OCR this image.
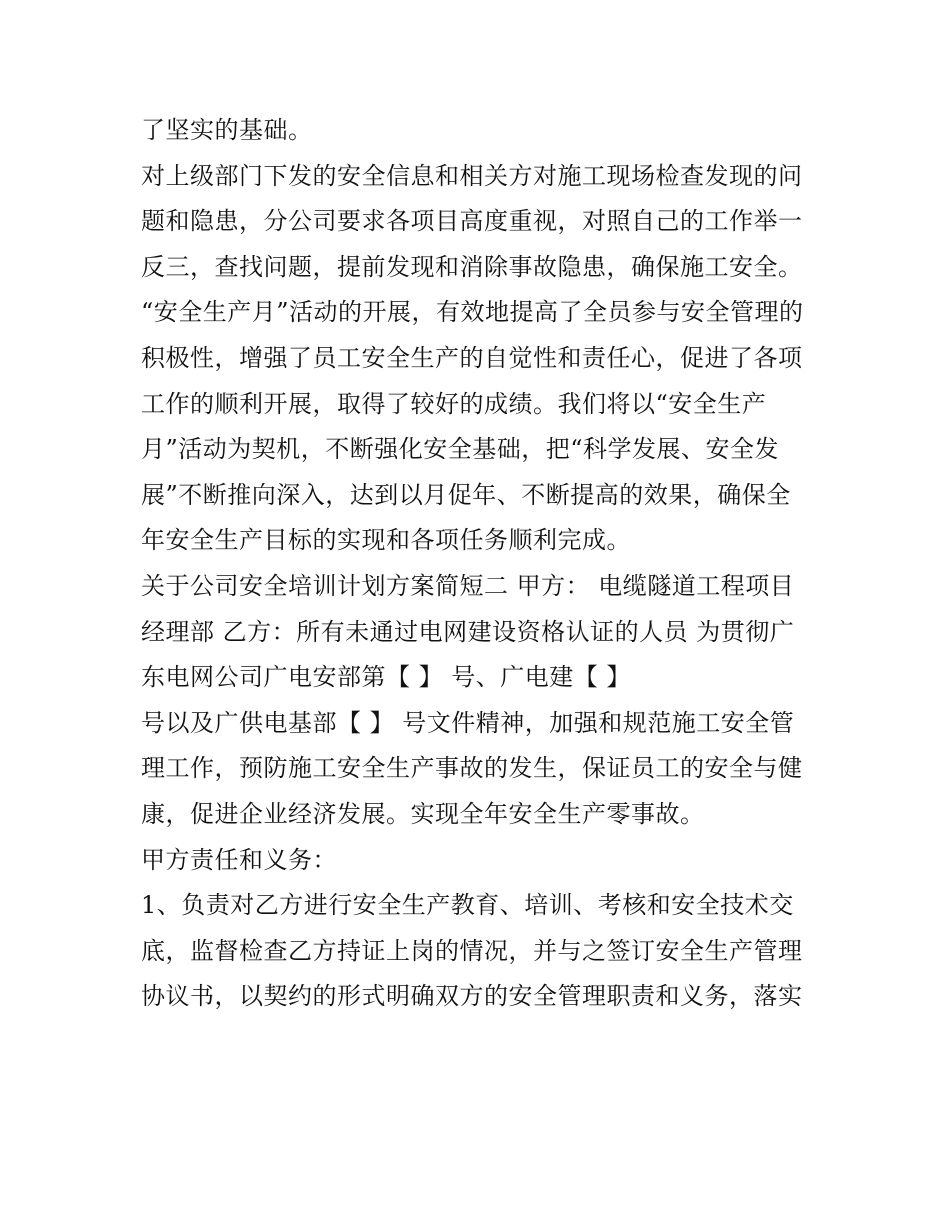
了坚实的基础。
对上级部门下发的安全信息和相关方对施工现场检查发现的问
题和隐患，分公司要求各项目高度重视，对照自己的工作举一
反三，查找问题，提前发现和消除事故隐患，确保施工安全。
“安全生产月”活动的开展，有效地提高了全员参与安全管理的
积极性，增强了员工安全生产的自觉性和责任心，促进了各项
工作的顺利开展，取得了较好的成绩。我们将以“安全生产
月”活动为契机，不断强化安全基础，把“科学发展、安全发
展”不断推向深入，达到以月促年、不断提高的效果，确保全
年安全生产目标的实现和各项任务顺利完成。
关于公司安全培训计划方案简短二 甲方： 电缆隧道工程项目
经理部 乙方：所有未通过电网建设资格认证的人员 为贯彻广
东电网公司广电安部第【 】 号、广电建【 】
号以及广供电基部【 】 号文件精神，加强和规范施工安全管
理工作，预防施工安全生产事故的发生，保证员工的安全与健
康，促进企业经济发展。实现全年安全生产零事故。
甲方责任和义务：
1、负责对乙方进行安全生产教育、培训、考核和安全技术交
底，监督检查乙方持证上岗的情况，并与之签订安全生产管理
协议书，以契约的形式明确双方的安全管理职责和义务，落实
